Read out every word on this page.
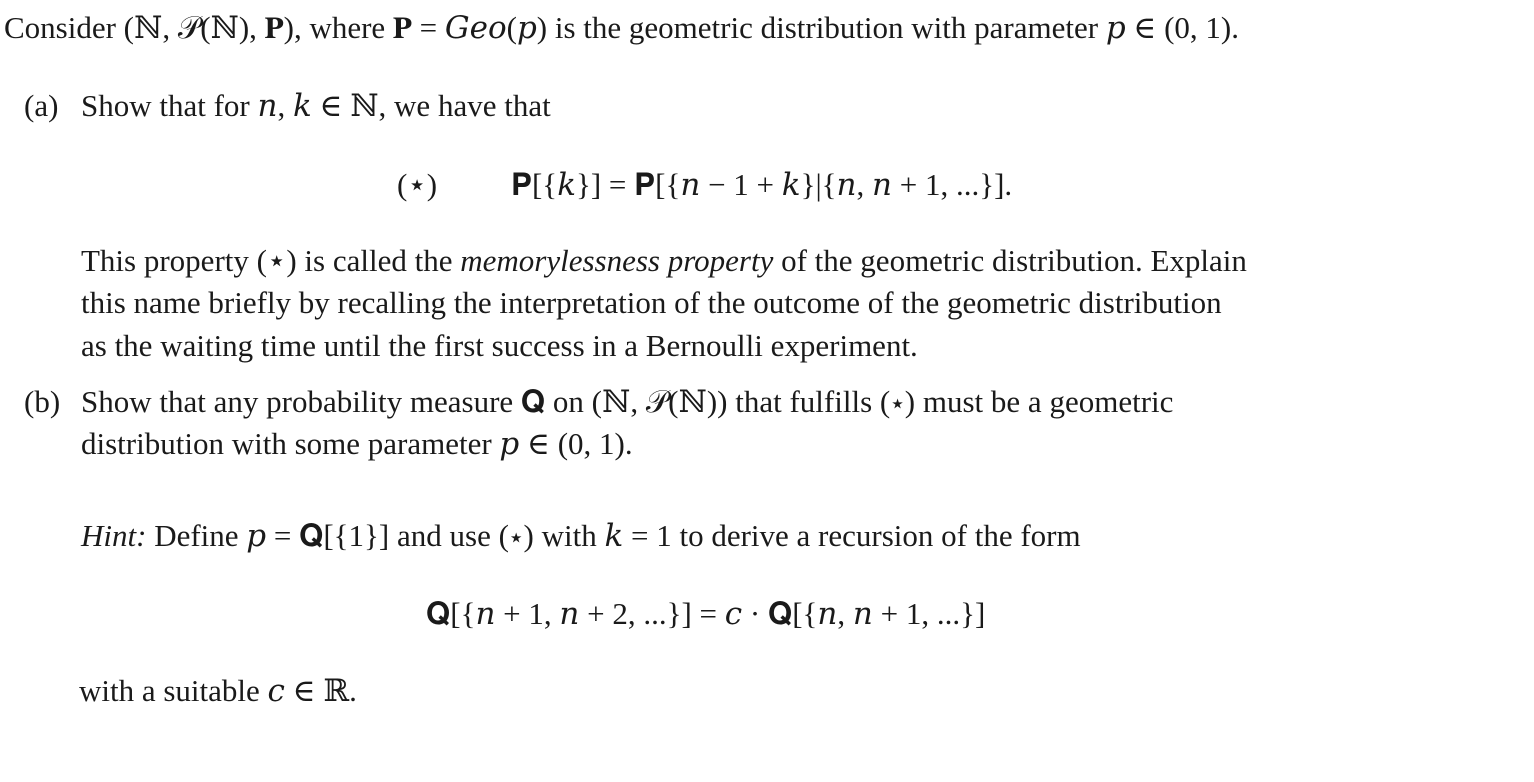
Consider (ℕ, 𝒫(ℕ), 𝐏), where 𝐏 = 𝐺𝑒𝑜(𝑝) is the geometric distribution with parameter 𝑝 ∈ (0, 1).
(a) Show that for 𝑛, 𝑘 ∈ ℕ, we have that
(⋆) 𝐏[{𝑘}] = 𝐏[{𝑛 − 1 + 𝑘}|{𝑛, 𝑛 + 1, ...}].
This property (⋆) is called the memorylessness property of the geometric distribution. Explain
this name briefly by recalling the interpretation of the outcome of the geometric distribution
as the waiting time until the first success in a Bernoulli experiment.
(b) Show that any probability measure 𝐐 on (ℕ, 𝒫(ℕ)) that fulfills (⋆) must be a geometric
distribution with some parameter 𝑝 ∈ (0, 1).
Hint: Define 𝑝 = 𝐐[{1}] and use (⋆) with 𝑘 = 1 to derive a recursion of the form
𝐐[{𝑛 + 1, 𝑛 + 2, ...}] = 𝑐 · 𝐐[{𝑛, 𝑛 + 1, ...}]
with a suitable 𝑐 ∈ ℝ.
